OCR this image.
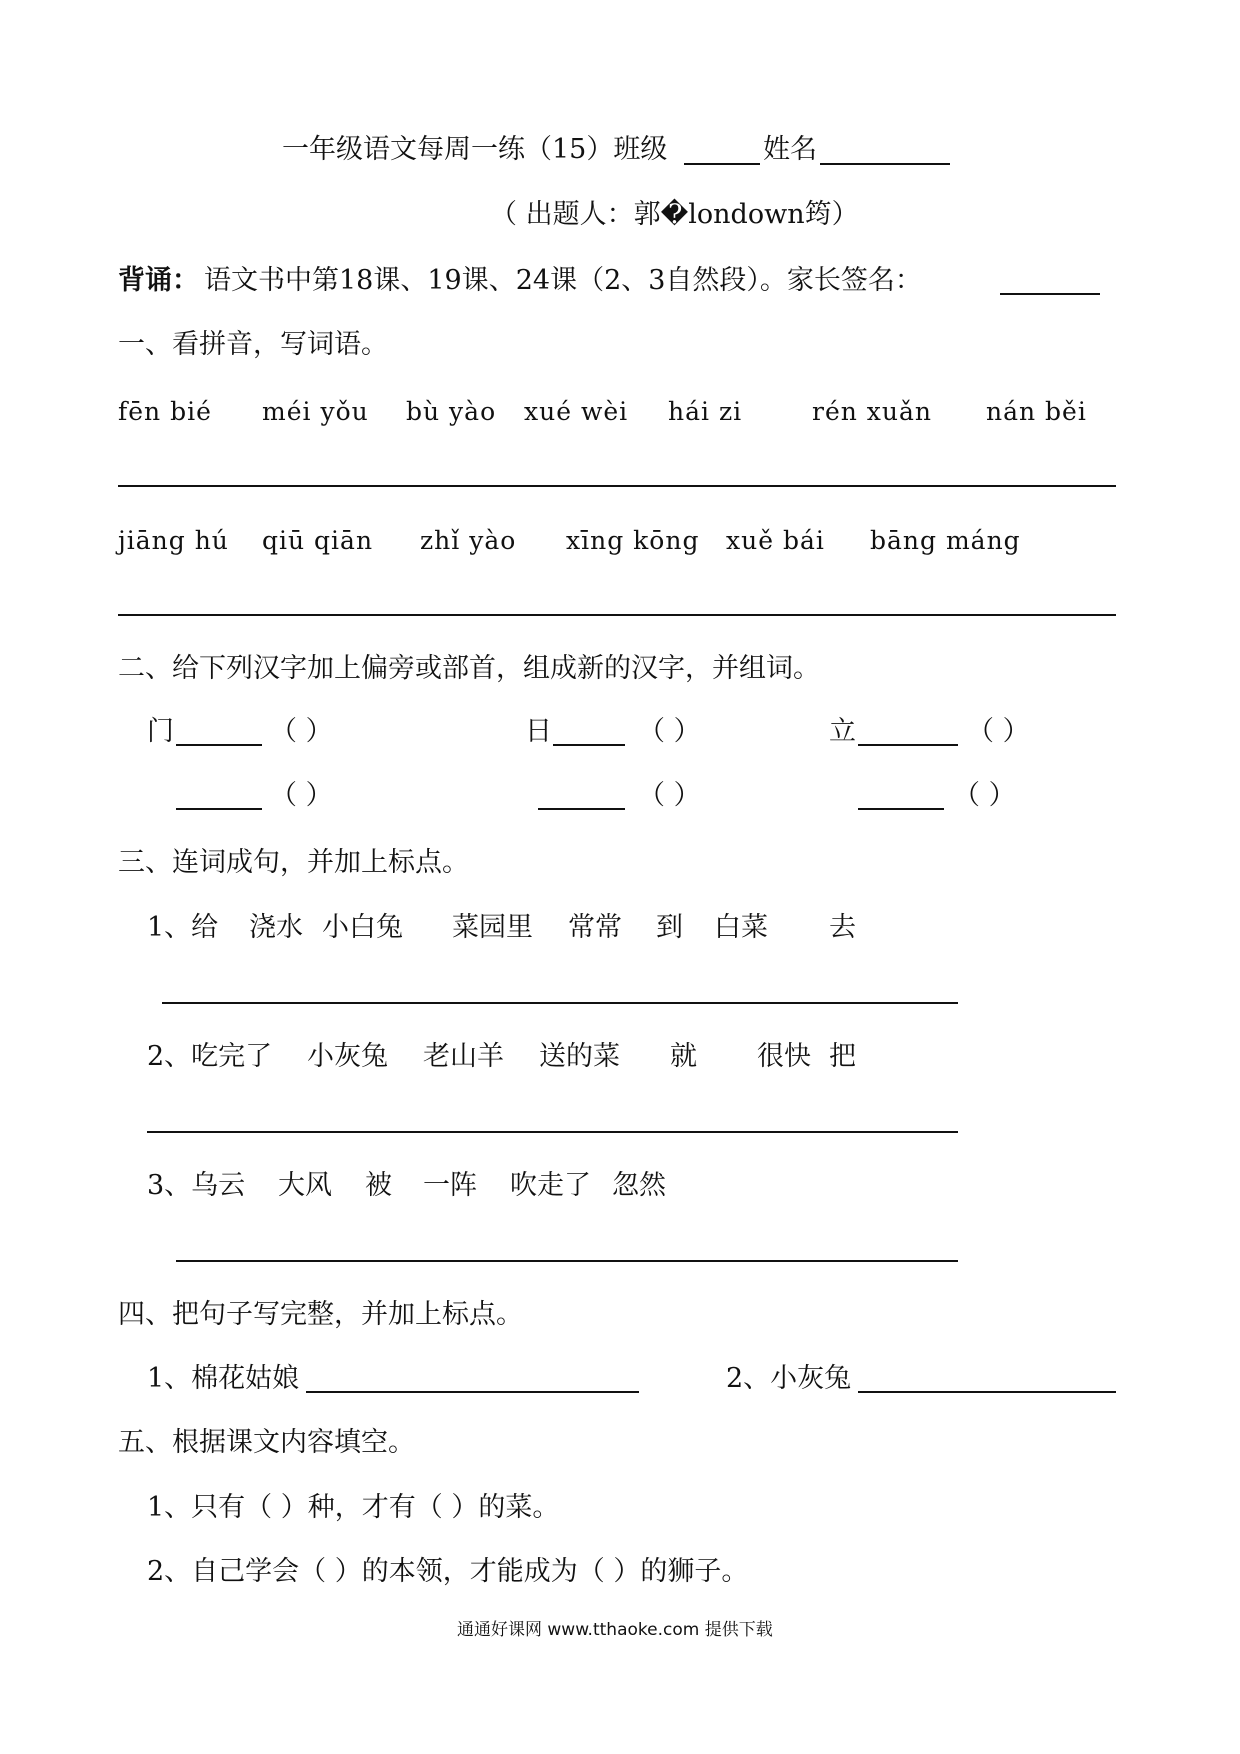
一年级语文每周一练（15）班级	姓名
（ 出题人：郭�londown筠）
背诵： 语文书中第18课、19课、24课（2、3自然段）。家长签名：
一、看拼音，写词语。
fēn bié méi yǒu bù yào xué wèi hái zi	rén xuǎn nán běi
jiāng hú qiū qiān zhǐ yào xīng kōng xuě bái bāng máng
二、给下列汉字加上偏旁或部首，组成新的汉字，并组词。
门	（ ）	日	（ ）	立	（ ）
（ ）	（ ）	（ ）
三、连词成句，并加上标点。
1、给 浇水 小白兔 菜园里 常常 到 白菜 去
2、吃完了 小灰兔 老山羊 送的菜 就 很快 把
3、乌云 大风 被 一阵 吹走了 忽然
四、把句子写完整，并加上标点。
1、棉花姑娘	2、小灰兔
五、根据课文内容填空。
1、只有（ ）种，才有（ ）的菜。
2、自己学会（ ）的本领，才能成为（ ）的狮子。
通通好课网 www.tthaoke.com 提供下载
